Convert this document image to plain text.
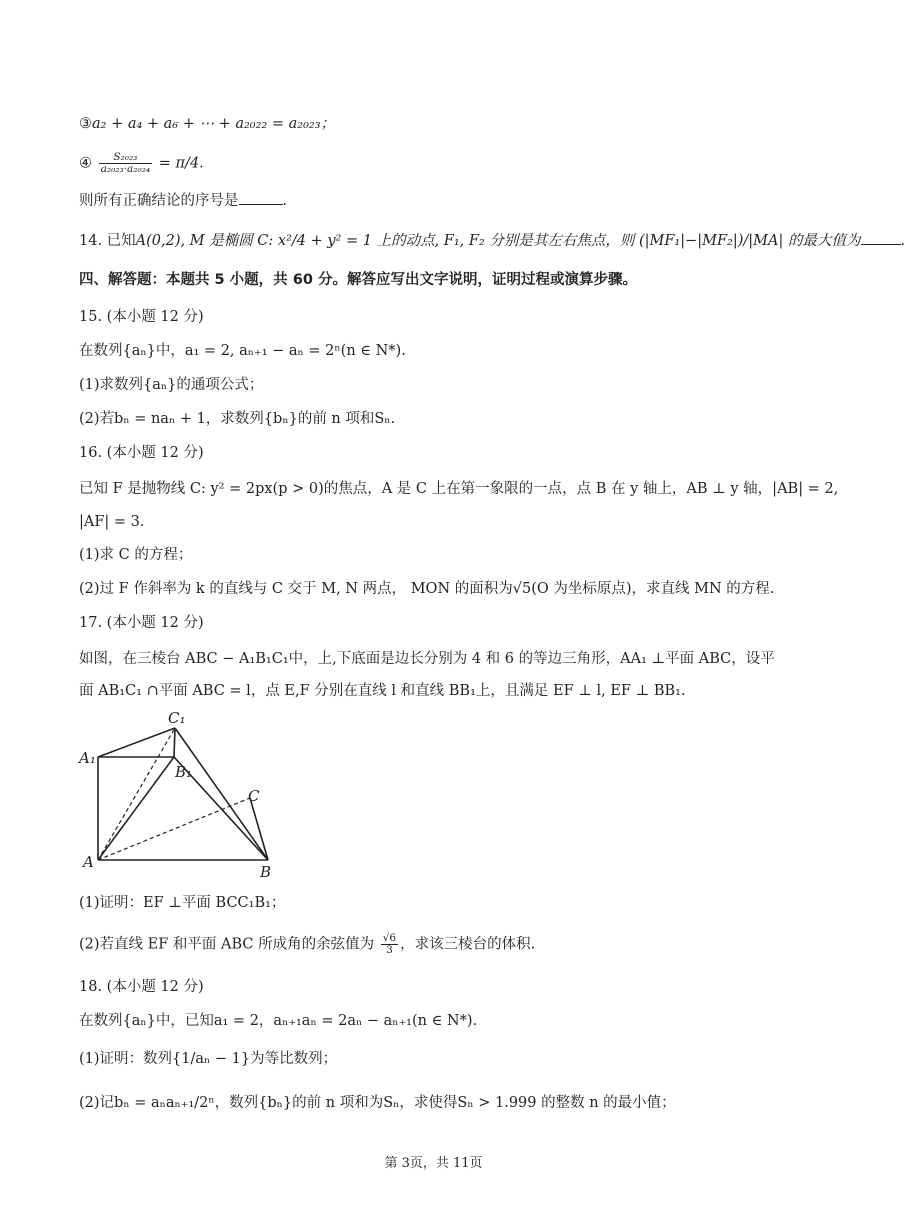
③a₂ + a₄ + a₆ + ⋯ + a₂₀₂₂ = a₂₀₂₃；
④ $\frac{\text{S₂₀₂₃}}{\text{a₂₀₂₃·a₂₀₂₄}} = \pi/4$.
则所有正确结论的序号是	.
14. 已知A(0,2), M 是椭圆 C: x²/4 + y² = 1 上的动点, F₁, F₂ 分别是其左右焦点，则 (|MF₁|−|MF₂|)/|MA| 的最大值为	.
四、解答题：本题共 5 小题，共 60 分。解答应写出文字说明，证明过程或演算步骤。
15. (本小题 12 分)
在数列{aₙ}中，a₁ = 2, aₙ₊₁ − aₙ = 2ⁿ(n ∈ N*).
(1)求数列{aₙ}的通项公式；
(2)若bₙ = naₙ + 1，求数列{bₙ}的前 n 项和Sₙ.
16. (本小题 12 分)
已知 F 是抛物线 C: y² = 2px(p > 0)的焦点，A 是 C 上在第一象限的一点，点 B 在 y 轴上，AB ⊥ y 轴，|AB| = 2,
|AF| = 3.
(1)求 C 的方程；
(2)过 F 作斜率为 k 的直线与 C 交于 M, N 两点， MON 的面积为√5(O 为坐标原点)，求直线 MN 的方程.
17. (本小题 12 分)
如图，在三棱台 ABC − A₁B₁C₁中，上,下底面是边长分别为 4 和 6 的等边三角形，AA₁ ⊥平面 ABC，设平
面 AB₁C₁ ∩平面 ABC = l，点 E,F 分别在直线 l 和直线 BB₁上，且满足 EF ⊥ l, EF ⊥ BB₁.
A₁
C₁
B₁
C
A
B
(1)证明：EF ⊥平面 BCC₁B₁；
(2)若直线 EF 和平面 ABC 所成角的余弦值为 $\frac{√6}{3}$ ，求该三棱台的体积.
18. (本小题 12 分)
在数列{aₙ}中，已知a₁ = 2，aₙ₊₁aₙ = 2aₙ − aₙ₊₁(n ∈ N*).
(1)证明：数列{1/aₙ − 1}为等比数列；
(2)记bₙ = aₙaₙ₊₁/2ⁿ，数列{bₙ}的前 n 项和为Sₙ，求使得Sₙ > 1.999 的整数 n 的最小值；
第 3页，共 11页
